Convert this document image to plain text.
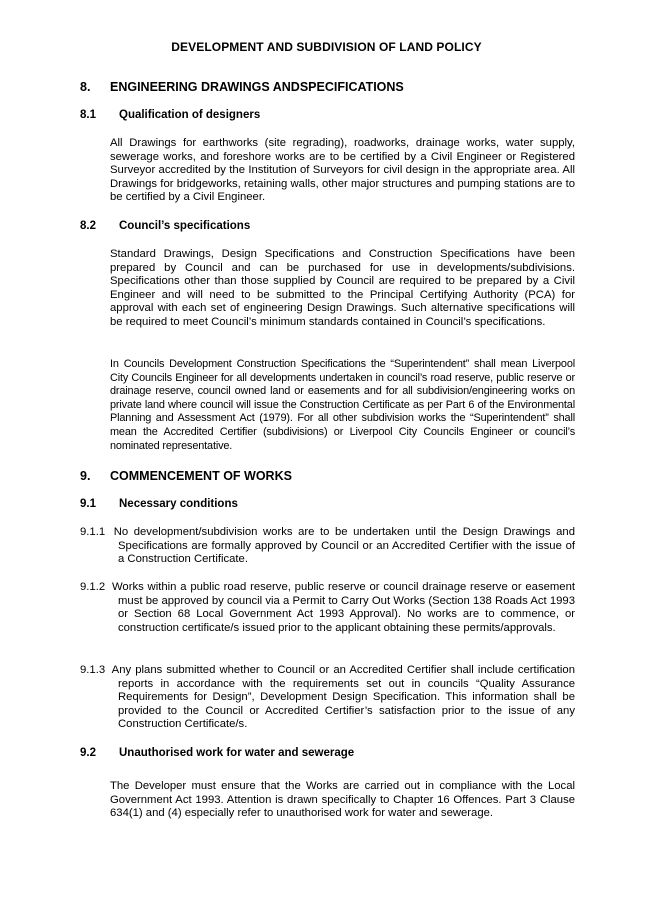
DEVELOPMENT AND SUBDIVISION OF LAND POLICY
8. ENGINEERING DRAWINGS ANDSPECIFICATIONS
8.1 Qualification of designers

All Drawings for earthworks (site regrading), roadworks, drainage works, water supply, sewerage works, and foreshore works are to be certified by a Civil Engineer or Registered Surveyor accredited by the Institution of Surveyors for civil design in the appropriate area. All Drawings for bridgeworks, retaining walls, other major structures and pumping stations are to be certified by a Civil Engineer.

8.2 Council’s specifications

Standard Drawings, Design Specifications and Construction Specifications have been prepared by Council and can be purchased for use in developments/subdivisions. Specifications other than those supplied by Council are required to be prepared by a Civil Engineer and will need to be submitted to the Principal Certifying Authority (PCA) for approval with each set of engineering Design Drawings. Such alternative specifications will be required to meet Council’s minimum standards contained in Council’s specifications.

In Councils Development Construction Specifications the “Superintendent” shall mean Liverpool City Councils Engineer for all developments undertaken in council’s road reserve, public reserve or drainage reserve, council owned land or easements and for all subdivision/engineering works on private land where council will issue the Construction Certificate as per Part 6 of the Environmental Planning and Assessment Act (1979). For all other subdivision works the “Superintendent” shall mean the Accredited Certifier (subdivisions) or Liverpool City Councils Engineer or council’s nominated representative.

9. COMMENCEMENT OF WORKS
9.1 Necessary conditions

9.1.1 No development/subdivision works are to be undertaken until the Design Drawings and Specifications are formally approved by Council or an Accredited Certifier with the issue of a Construction Certificate.

9.1.2 Works within a public road reserve, public reserve or council drainage reserve or easement must be approved by council via a Permit to Carry Out Works (Section 138 Roads Act 1993 or Section 68 Local Government Act 1993 Approval). No works are to commence, or construction certificate/s issued prior to the applicant obtaining these permits/approvals.

9.1.3 Any plans submitted whether to Council or an Accredited Certifier shall include certification reports in accordance with the requirements set out in councils “Quality Assurance Requirements for Design”, Development Design Specification. This information shall be provided to the Council or Accredited Certifier’s satisfaction prior to the issue of any Construction Certificate/s.

9.2 Unauthorised work for water and sewerage

The Developer must ensure that the Works are carried out in compliance with the Local Government Act 1993. Attention is drawn specifically to Chapter 16 Offences. Part 3 Clause 634(1) and (4) especially refer to unauthorised work for water and sewerage.
